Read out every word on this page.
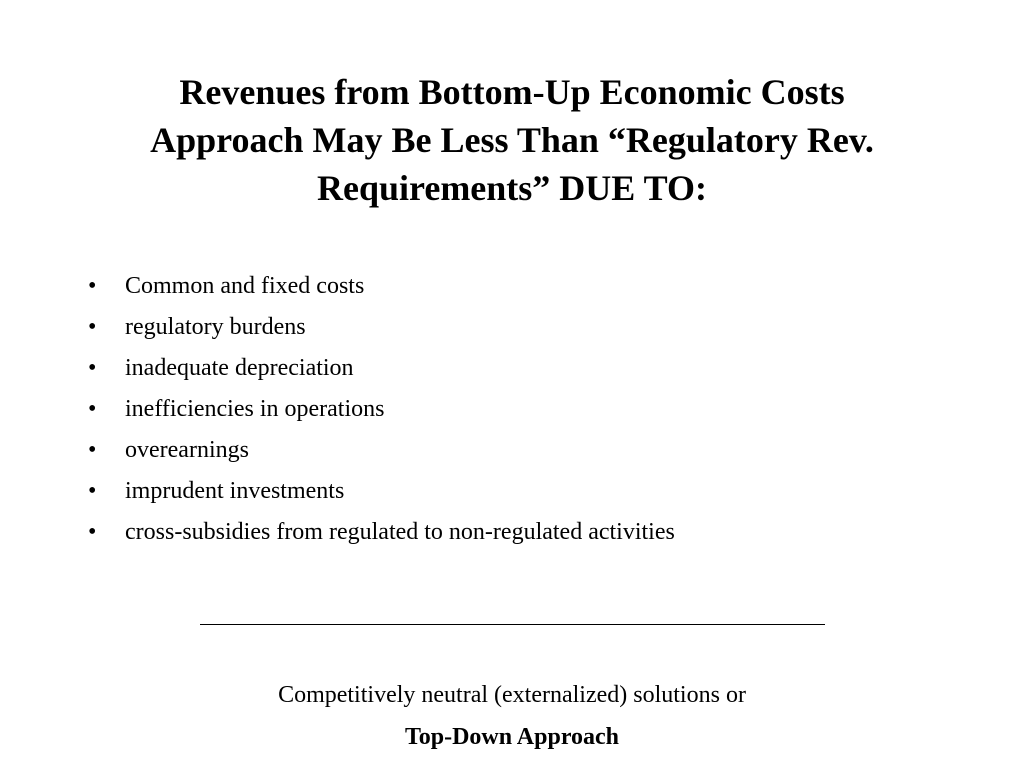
Revenues from Bottom-Up Economic Costs
Approach May Be Less Than “Regulatory Rev.
Requirements” DUE TO:
• Common and fixed costs
• regulatory burdens
• inadequate depreciation
• inefficiencies in operations
• overearnings
• imprudent investments
• cross-subsidies from regulated to non-regulated activities
Competitively neutral (externalized) solutions or
Top-Down Approach
